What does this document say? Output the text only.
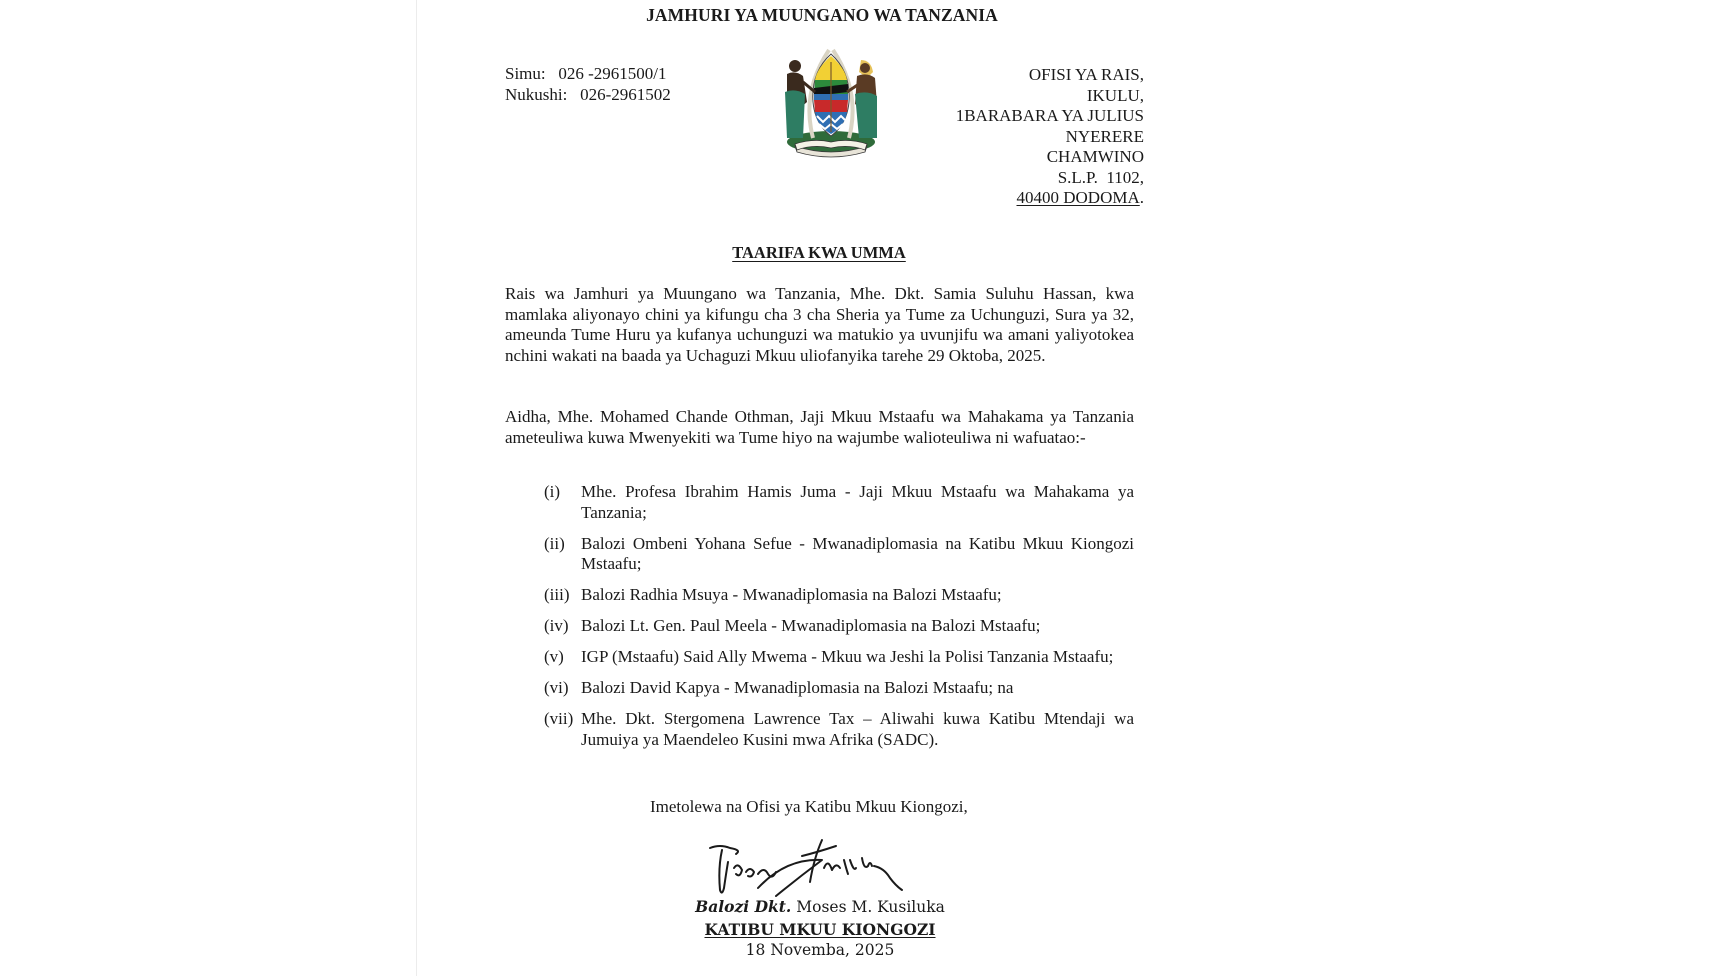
JAMHURI YA MUUNGANO WA TANZANIA
Simu: 026 -2961500/1
Nukushi: 026-2961502
OFISI YA RAIS,
IKULU,
1BARABARA YA JULIUS
NYERERE
CHAMWINO
S.L.P.  1102,
40400 DODOMA.
TAARIFA KWA UMMA
Rais wa Jamhuri ya Muungano wa Tanzania, Mhe. Dkt. Samia Suluhu Hassan, kwa mamlaka aliyonayo chini ya kifungu cha 3 cha Sheria ya Tume za Uchunguzi, Sura ya 32, ameunda Tume Huru ya kufanya uchunguzi wa matukio ya uvunjifu wa amani yaliyotokea nchini wakati na baada ya Uchaguzi Mkuu uliofanyika tarehe 29 Oktoba, 2025.
Aidha, Mhe. Mohamed Chande Othman, Jaji Mkuu Mstaafu wa Mahakama ya Tanzania ameteuliwa kuwa Mwenyekiti wa Tume hiyo na wajumbe walioteuliwa ni wafuatao:-
(i)	Mhe. Profesa Ibrahim Hamis Juma - Jaji Mkuu Mstaafu wa Mahakama ya Tanzania;
(ii) Balozi Ombeni Yohana Sefue - Mwanadiplomasia na Katibu Mkuu Kiongozi Mstaafu;
(iii) Balozi Radhia Msuya - Mwanadiplomasia na Balozi Mstaafu;
(iv) Balozi Lt. Gen. Paul Meela - Mwanadiplomasia na Balozi Mstaafu;
(v)	IGP (Mstaafu) Said Ally Mwema - Mkuu wa Jeshi la Polisi Tanzania Mstaafu;
(vi) Balozi David Kapya - Mwanadiplomasia na Balozi Mstaafu; na
(vii) Mhe. Dkt. Stergomena Lawrence Tax – Aliwahi kuwa Katibu Mtendaji wa Jumuiya ya Maendeleo Kusini mwa Afrika (SADC).
Imetolewa na Ofisi ya Katibu Mkuu Kiongozi,
Balozi Dkt. Moses M. Kusiluka
KATIBU MKUU KIONGOZI
18 Novemba, 2025
